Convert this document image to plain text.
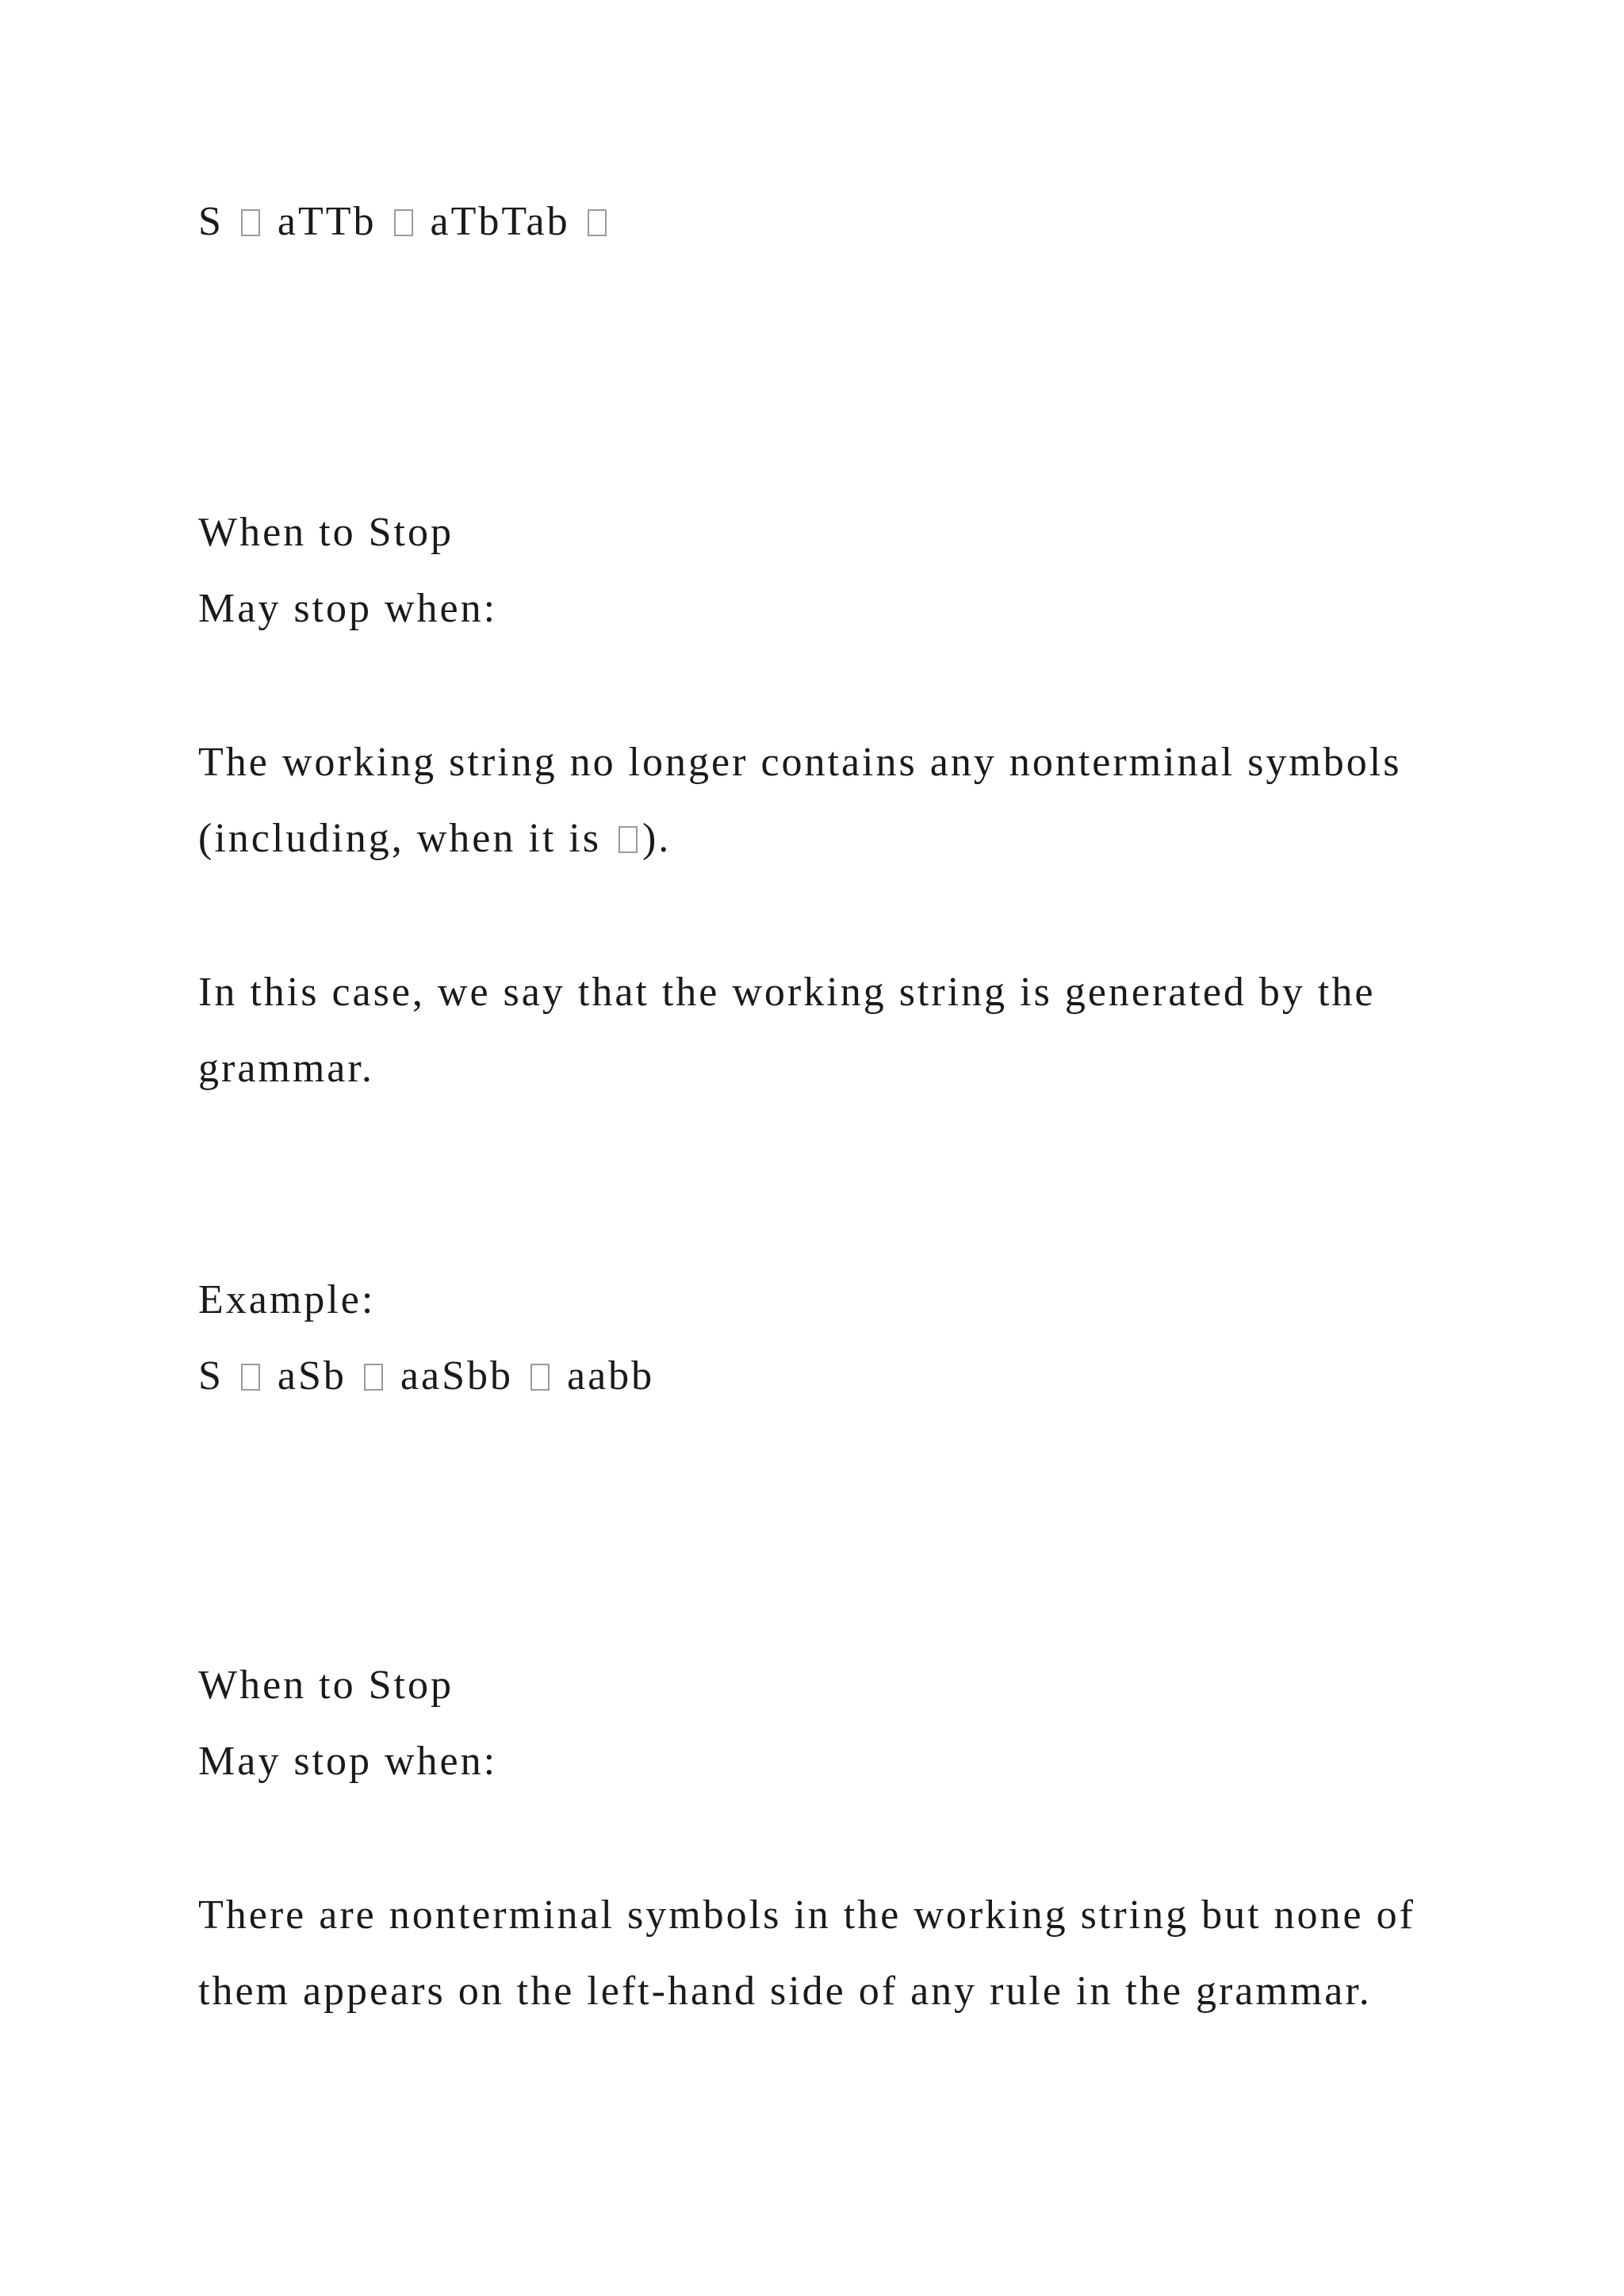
S  aTTb  aTbTab
When to Stop
May stop when:
The working string no longer contains any nonterminal symbols
(including, when it is ).
In this case, we say that the working string is generated by the
grammar.
Example:
S  aSb  aaSbb  aabb
When to Stop
May stop when:
There are nonterminal symbols in the working string but none of
them appears on the left-hand side of any rule in the grammar.
